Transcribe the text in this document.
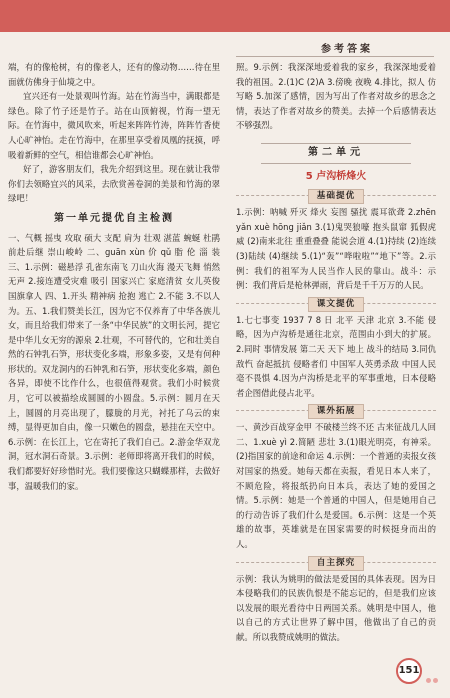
参考答案

端，有的像枪树，有的像老人，还有的像动物……待在里面就仿佛身于仙境之中。

宜兴还有一处景观叫竹海。站在竹海当中，满眼都是绿色。除了竹子还是竹子。站在山顶俯视，竹海一望无际。在竹海中，微风吹来，听起来阵阵竹涛，阵阵竹香使人心旷神怡。走在竹海中，在那里享受着凤凰的抚摸，呼吸着新鲜的空气，相信谁都会心旷神怡。

好了，游客朋友们，我先介绍到这里。现在就让我带你们去领略宜兴的风采，去欣赏善卷洞的美景和竹海的翠绿吧！

第一单元提优自主检测

一、气概 摇曳 攻取 硕大 支配 肩为 壮观 湛蓝 蜿蜒 杜鹃 前赴后继 崇山峻岭 二、guān xùn 价 qǔ 脂 伦 淄 装 三、1.示例：磁悬浮 孔雀东南飞 刀山火海 漫天飞舞 悄然无声 2.接连遭受灾难 吸引 国家兴亡 家庭清贫 女儿英俊 国旗拿人 四、1.开头 精神病 抢抱 逃亡 2.不能 3.不以人为。五、1.我们赞美长江，因为它不仅养育了中华各族儿女，而且给我们带来了一条“中华民族”的文明长河，提它是中华儿女无穷的源泉 2.壮观，不可替代的，它和壮美自然的石钟乳石笋，形状变化多端，形象多姿，又是有何种形状的。双龙洞内的石钟乳和石笋，形状变化多端，颜色各异，即使不比作什么，也很值得观赏。我们小时候赏月，它可以被描绘成圆圆的小圆盘。5.示例：圆月在天上，圆圆的月亮出现了，朦胧的月光，衬托了乌云的束缚，显得更加自由，像一只嫩色的圆盘，悬挂在天空中。6.示例：在长江上，它在寄托了我们自己。2.游金华双龙洞，冠水洞石奇景。3.示例：老师即将离开我们的时候，我们都要好好珍惜时光。我们要像这只蝴蝶那样，去做好事，温暖我们的家。

照。9.示例：我深深地爱着我的家乡，我深深地爱着我的祖国。2.(1)C (2)A 3.傍晚 夜晚 4.排比，拟人 仿写略 5.加深了感情，因为写出了作者对故乡的思念之情，表达了作者对故乡的赞美。去掉一个后感情表达不够强烈。

第二单元
5 卢沟桥烽火
基础提优

1.示例：呐喊 歼灭 烽火 妄图 骚扰 震耳欲聋 2.zhēn yǎn xuè hōng jiǎn 3.(1)鬼哭狼嚎 抱头鼠窜 狐假虎威 (2)南来北往 重重叠叠 能说会道 4.(1)持续 (2)连续 (3)陆续 (4)继续 5.(1)“轰”“哗啦啦”“地下”等。2.示例：我们的祖军为人民当作人民的靠山。战斗：示例：我们背后是枪林弹雨，背后是千千万万的人民。

课文提优

1.七七事变 1937 7 8 日 北平 天津 北京 3.不能 侵略，因为卢沟桥是通往北京，范围由小到大的扩展。2.同时 事情发展 第二天 天下 地上 战斗的结局 3.同仇敌忾 奋起抵抗 侵略者们 中国军人英勇杀敌 中国人民毫不畏惧 4.因为卢沟桥是北平的军事重地，日本侵略者企图借此侵占北平。

课外拓展

一、黄沙百战穿金甲 不破楼兰终不还 古来征战几人回 二、1.xuè yì 2.简陋 悲壮 3.(1)眼光明亮，有神采。(2)指国家的前途和命运 4.示例：一个普通的卖报女孩对国家的热爱。她每天都在卖报，看见日本人来了，不顾危险，将报纸扔向日本兵，表达了她的爱国之情。5.示例：她是一个普通的中国人，但是她用自己的行动告诉了我们什么是爱国。6.示例：这是一个英雄的故事，英雄就是在国家需要的时候挺身而出的人。

自主探究

示例：我认为姚明的做法是爱国的具体表现。因为日本侵略我们的民族仇恨是不能忘记的，但是我们应该以发展的眼光看待中日两国关系。姚明是中国人，他以自己的方式让世界了解中国，他做出了自己的贡献。所以我赞成姚明的做法。

151
